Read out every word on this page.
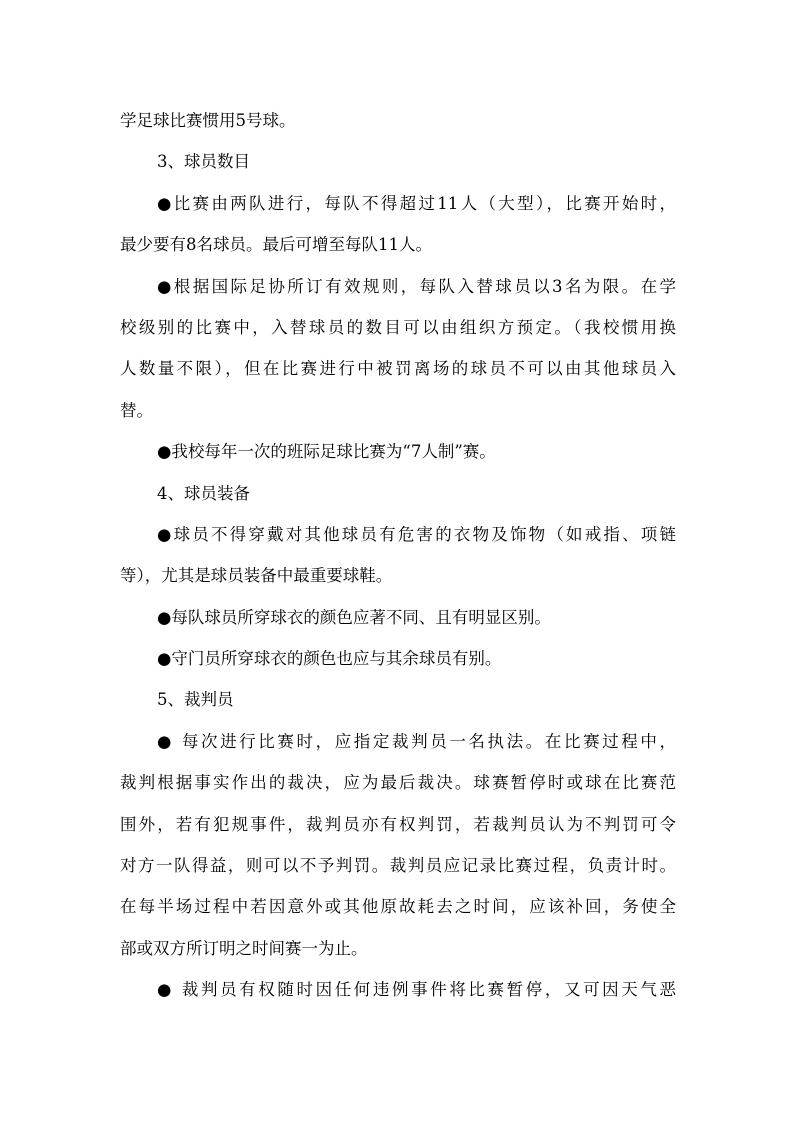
学足球比赛惯用5号球。
3、球员数目
●比赛由两队进行，每队不得超过11人（大型），比赛开始时，
最少要有8名球员。最后可增至每队11人。
●根据国际足协所订有效规则，每队入替球员以3名为限。在学
校级别的比赛中，入替球员的数目可以由组织方预定。（我校惯用换
人数量不限），但在比赛进行中被罚离场的球员不可以由其他球员入
替。
●我校每年一次的班际足球比赛为“7人制”赛。
4、球员装备
●球员不得穿戴对其他球员有危害的衣物及饰物（如戒指、项链
等），尤其是球员装备中最重要球鞋。
●每队球员所穿球衣的颜色应著不同、且有明显区别。
●守门员所穿球衣的颜色也应与其余球员有别。
5、裁判员
● 每次进行比赛时，应指定裁判员一名执法。在比赛过程中，
裁判根据事实作出的裁决，应为最后裁决。球赛暂停时或球在比赛范
围外，若有犯规事件，裁判员亦有权判罚，若裁判员认为不判罚可令
对方一队得益，则可以不予判罚。裁判员应记录比赛过程，负责计时。
在每半场过程中若因意外或其他原故耗去之时间，应该补回，务使全
部或双方所订明之时间赛一为止。
● 裁判员有权随时因任何违例事件将比赛暂停，又可因天气恶
